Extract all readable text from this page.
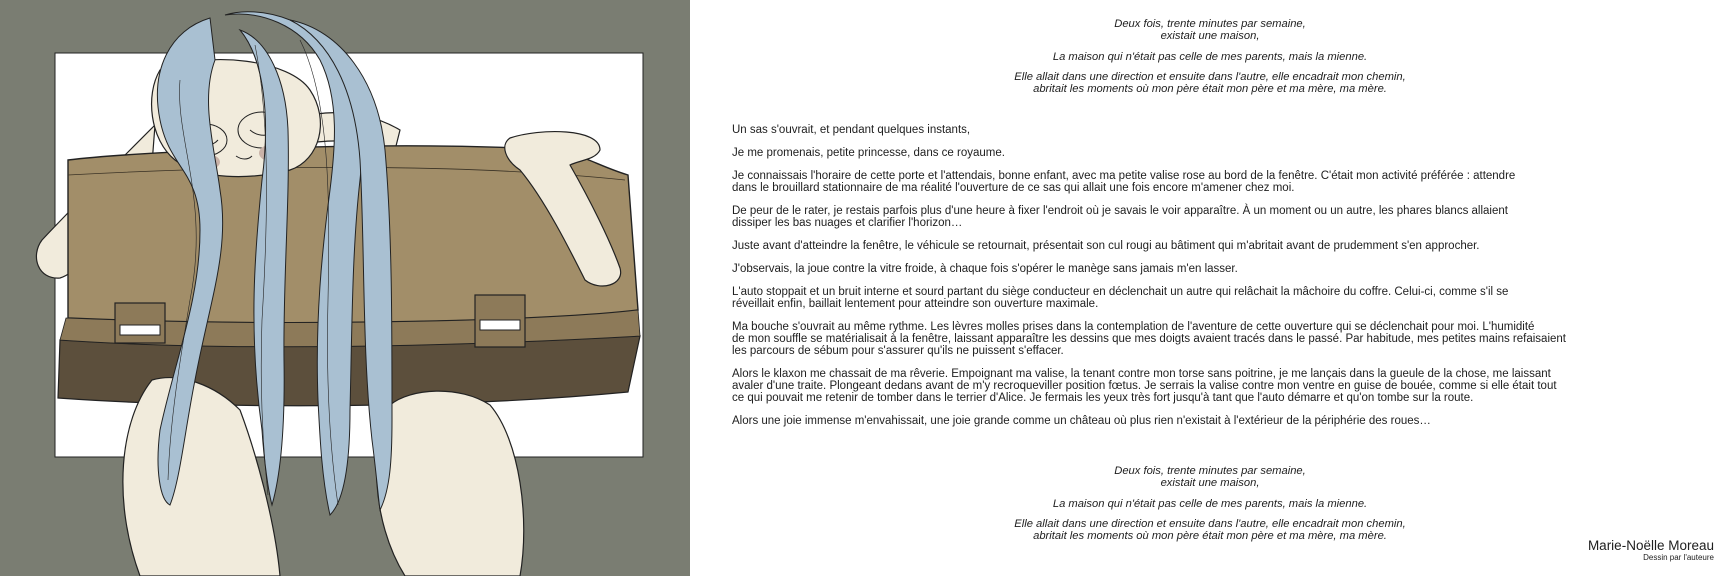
Deux fois, trente minutes par semaine,
existait une maison,

La maison qui n'était pas celle de mes parents, mais la mienne.

Elle allait dans une direction et ensuite dans l'autre, elle encadrait mon chemin,
abritait les moments où mon père était mon père et ma mère, ma mère.

Un sas s'ouvrait, et pendant quelques instants,

Je me promenais, petite princesse, dans ce royaume.

Je connaissais l'horaire de cette porte et l'attendais, bonne enfant, avec ma petite valise rose au bord de la fenêtre. C'était mon activité préférée : attendre
dans le brouillard stationnaire de ma réalité l'ouverture de ce sas qui allait une fois encore m'amener chez moi.

De peur de le rater, je restais parfois plus d'une heure à fixer l'endroit où je savais le voir apparaître. À un moment ou un autre, les phares blancs allaient
dissiper les bas nuages et clarifier l'horizon…

Juste avant d'atteindre la fenêtre, le véhicule se retournait, présentait son cul rougi au bâtiment qui m'abritait avant de prudemment s'en approcher.

J'observais, la joue contre la vitre froide, à chaque fois s'opérer le manège sans jamais m'en lasser.

L'auto stoppait et un bruit interne et sourd partant du siège conducteur en déclenchait un autre qui relâchait la mâchoire du coffre. Celui-ci, comme s'il se
réveillait enfin, baillait lentement pour atteindre son ouverture maximale.

Ma bouche s'ouvrait au même rythme. Les lèvres molles prises dans la contemplation de l'aventure de cette ouverture qui se déclenchait pour moi. L'humidité
de mon souffle se matérialisait à la fenêtre, laissant apparaître les dessins que mes doigts avaient tracés dans le passé. Par habitude, mes petites mains refaisaient
les parcours de sébum pour s'assurer qu'ils ne puissent s'effacer.

Alors le klaxon me chassait de ma rêverie. Empoignant ma valise, la tenant contre mon torse sans poitrine, je me lançais dans la gueule de la chose, me laissant
avaler d'une traite. Plongeant dedans avant de m'y recroqueviller position fœtus. Je serrais la valise contre mon ventre en guise de bouée, comme si elle était tout
ce qui pouvait me retenir de tomber dans le terrier d'Alice. Je fermais les yeux très fort jusqu'à tant que l'auto démarre et qu'on tombe sur la route.

Alors une joie immense m'envahissait, une joie grande comme un château où plus rien n'existait à l'extérieur de la périphérie des roues…

Deux fois, trente minutes par semaine,
existait une maison,

La maison qui n'était pas celle de mes parents, mais la mienne.

Elle allait dans une direction et ensuite dans l'autre, elle encadrait mon chemin,
abritait les moments où mon père était mon père et ma mère, ma mère.

Marie-Noëlle Moreau
Dessin par l'auteure
